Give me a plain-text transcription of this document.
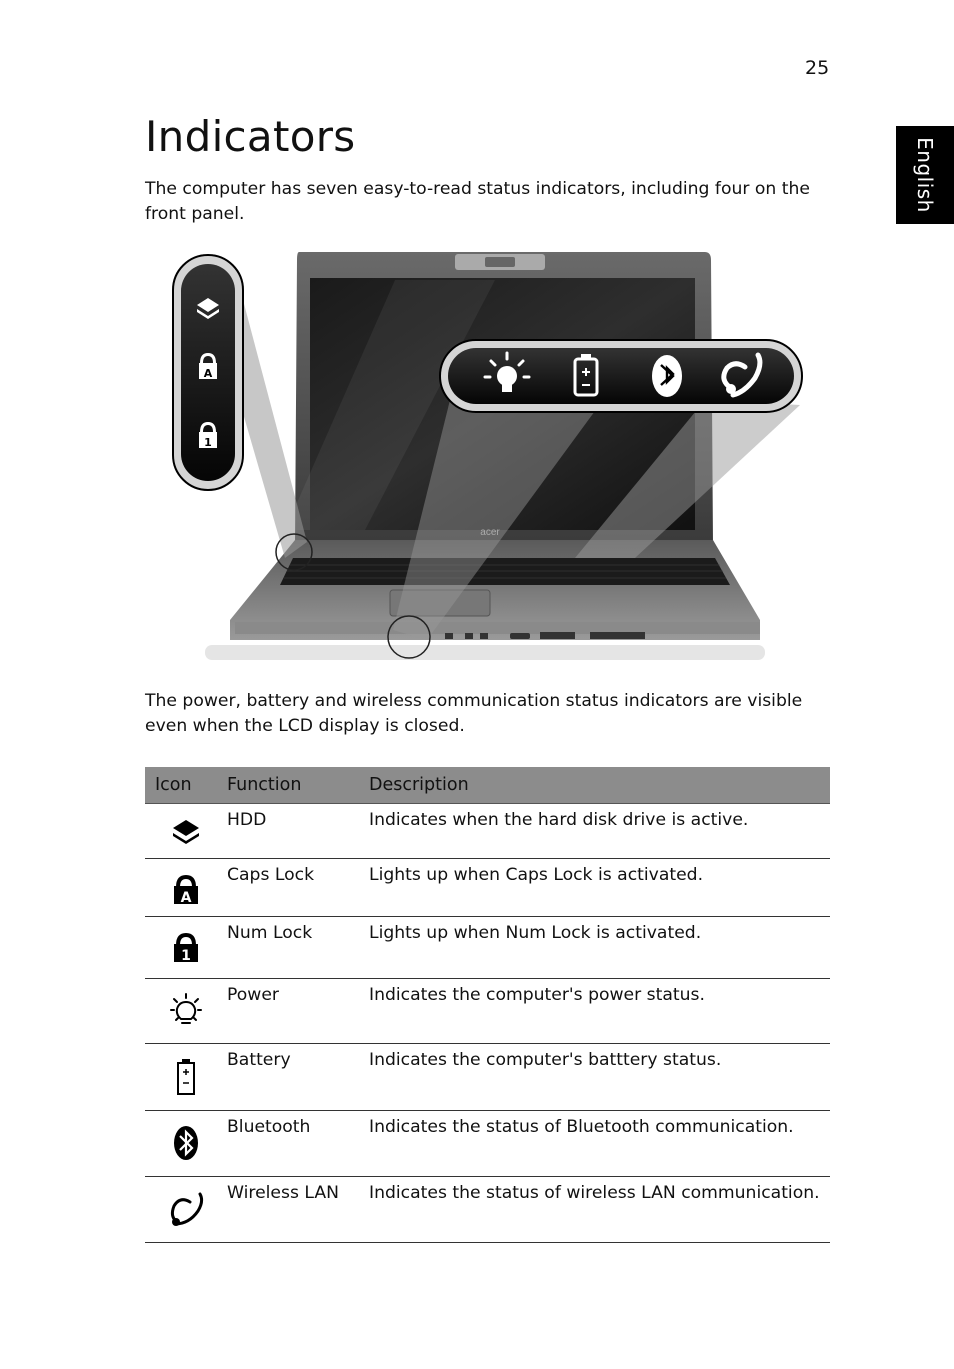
25
English
Indicators

The computer has seven easy-to-read status indicators, including four on the front panel.

acer
A
1

The power, battery and wireless communication status indicators are visible even when the LCD display is closed.

Icon	Function	Description

	HDD	Indicates when the hard disk drive is active.

A	Caps Lock	Lights up when Caps Lock is activated.

1	Num Lock	Lights up when Num Lock is activated.

	Power	Indicates the computer's power status.

	Battery	Indicates the computer's batttery status.

	Bluetooth	Indicates the status of Bluetooth communication.

	Wireless LAN	Indicates the status of wireless LAN communication.
